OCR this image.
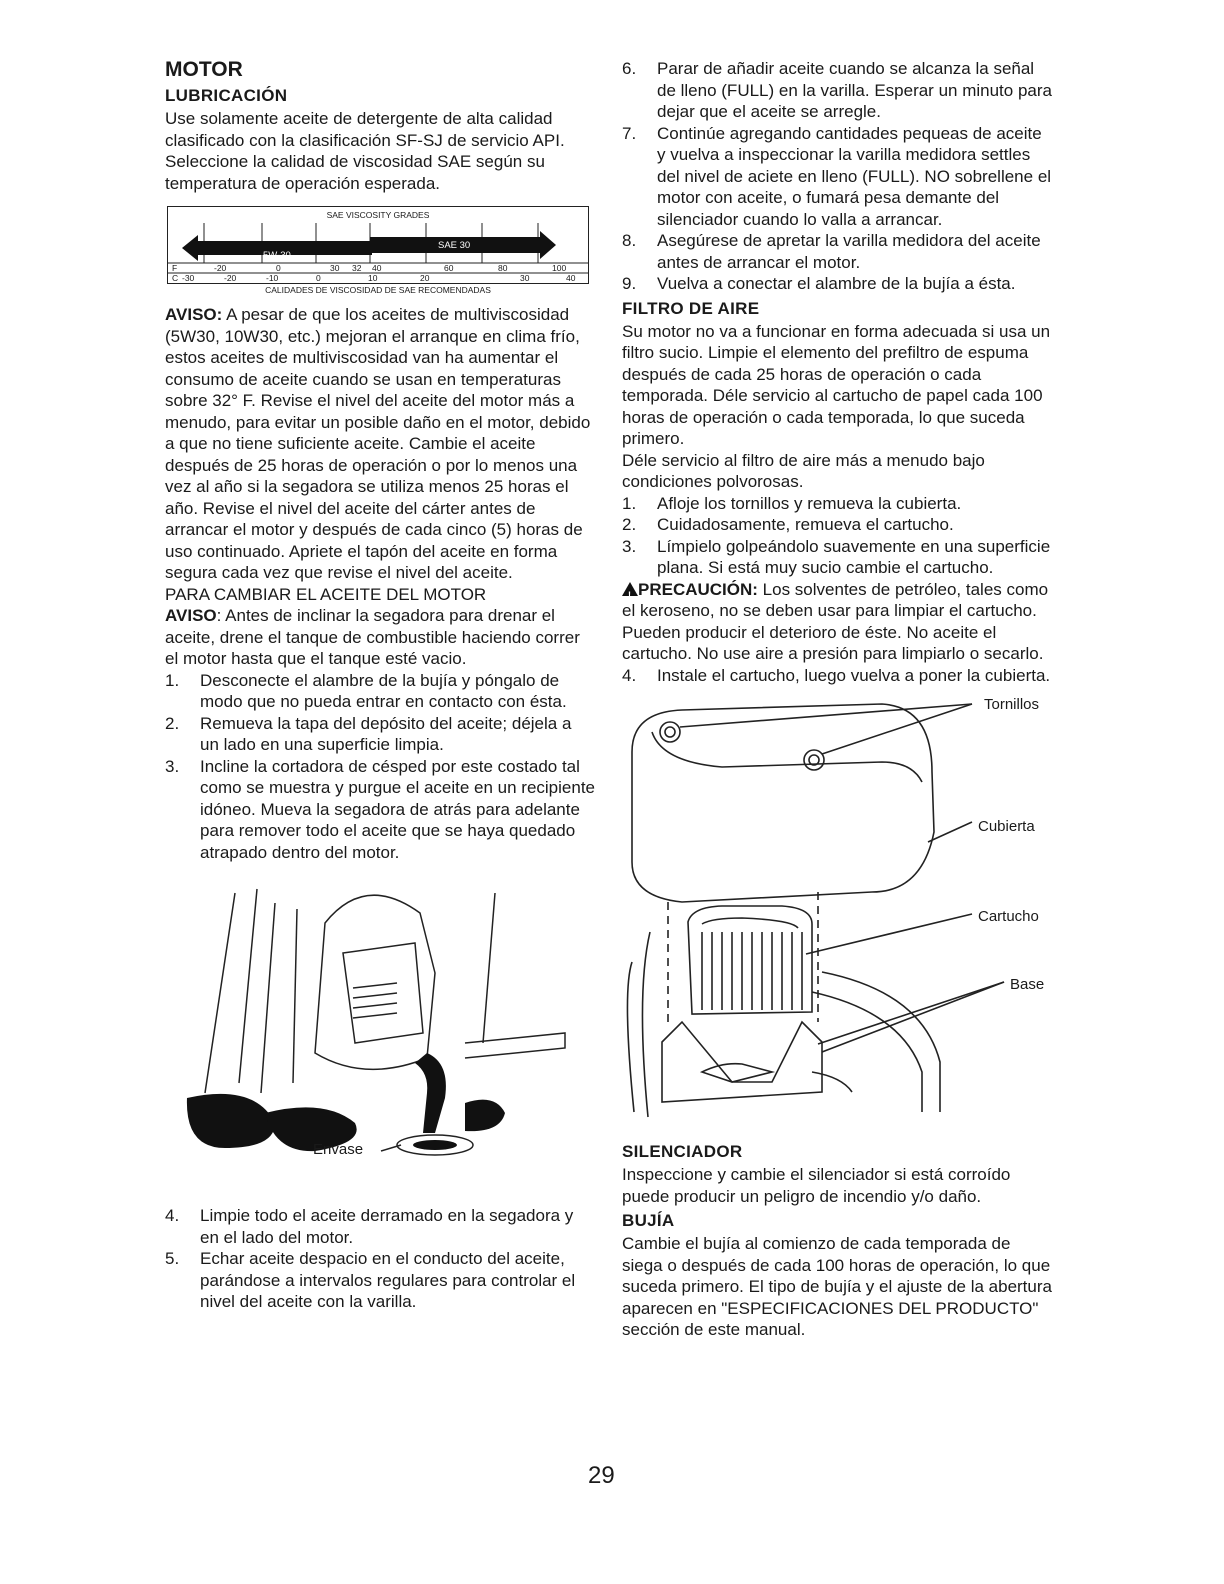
MOTOR
LUBRICACIÓN

Use solamente aceite de detergente de alta calidad clasificado con la clasificación SF-SJ de servicio API. Seleccione la calidad de viscosidad SAE según su temperatura de operación esperada.

SAE VISCOSITY GRADES
SAE 30
5W-30
F	-20	0	30 32 40	60	80	100
C -30	-20	-10	0	10	20	30	40
CALIDADES DE VISCOSIDAD DE SAE RECOMENDADAS

AVISO: A pesar de que los aceites de multiviscosidad (5W30, 10W30, etc.) mejoran el arranque en clima frío, estos aceites de multiviscosidad van ha aumentar el consumo de aceite cuando se usan en temperaturas sobre 32° F. Revise el nivel del aceite del motor más a menudo, para evitar un posible daño en el motor, debido a que no tiene suficiente aceite. Cambie el aceite después de 25 horas de operación o por lo menos una vez al año si la segadora se utiliza menos 25 horas el año. Revise el nivel del aceite del cárter antes de arrancar el motor y después de cada cinco (5) horas de uso continuado. Apriete el tapón del aceite en forma segura cada vez que revise el nivel del aceite.

PARA CAMBIAR EL ACEITE DEL MOTOR

AVISO: Antes de inclinar la segadora para drenar el aceite, drene el tanque de combustible haciendo correr el motor hasta que el tanque esté vacio.

1. Desconecte el alambre de la bujía y póngalo de modo que no pueda entrar en contacto con ésta.
2. Remueva la tapa del depósito del aceite; déjela a un lado en una superficie limpia.
3. Incline la cortadora de césped por este costado tal como se muestra y purgue el aceite en un recipiente idóneo. Mueva la segadora de atrás para adelante para remover todo el aceite que se haya quedado atrapado dentro del motor.
Envase
4. Limpie todo el aceite derramado en la segadora y en el lado del motor.
5. Echar aceite despacio en el conducto del aceite, parándose a intervalos regulares para controlar el nivel del aceite con la varilla.
6. Parar de añadir aceite cuando se alcanza la señal de lleno (FULL) en la varilla. Esperar un minuto para dejar que el aceite se arregle.
7. Continúe agregando cantidades pequeas de aceite y vuelva a inspeccionar la varilla medidora settles del nivel de aciete en lleno (FULL). NO sobrellene el motor con aceite, o fumará pesa demante del silenciador cuando lo valla a arrancar.
8. Asegúrese de apretar la varilla medidora del aceite antes de arrancar el motor.
9. Vuelva a conectar el alambre de la bujía a ésta.
FILTRO DE AIRE

Su motor no va a funcionar en forma adecuada si usa un filtro sucio. Limpie el elemento del prefiltro de espuma después de cada 25 horas de operación o cada temporada. Déle servicio al cartucho de papel cada 100 horas de operación o cada temporada, lo que suceda primero.

Déle servicio al filtro de aire más a menudo bajo condiciones polvorosas.

1. Afloje los tornillos y remueva la cubierta.
2. Cuidadosamente, remueva el cartucho.
3. Límpielo golpeándolo suavemente en una superficie plana. Si está muy sucio cambie el cartucho.

! PRECAUCIÓN: Los solventes de petróleo, tales como el keroseno, no se deben usar para limpiar el cartucho. Pueden producir el deterioro de éste. No aceite el cartucho. No use aire a presión para limpiarlo o secarlo.

4. Instale el cartucho, luego vuelva a poner la cubierta.
Tornillos
Cubierta
Cartucho
Base
SILENCIADOR

Inspeccione y cambie el silenciador si está corroído puede producir un peligro de incendio y/o daño.

BUJÍA

Cambie el bujía al comienzo de cada temporada de siega o después de cada 100 horas de operación, lo que suceda primero. El tipo de bujía y el ajuste de la abertura aparecen en "ESPECIFICACIONES DEL PRODUCTO" sección de este manual.

29
